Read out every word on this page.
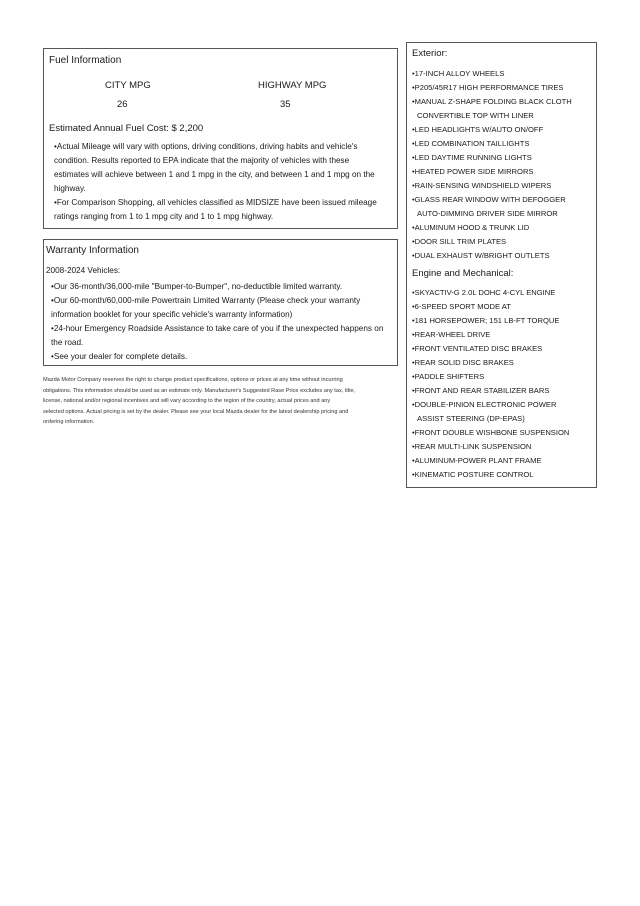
Fuel Information
CITY MPG	HIGHWAY MPG
26	35
Estimated Annual Fuel Cost: $ 2,200
•Actual Mileage will vary with options, driving conditions, driving habits and vehicle's
condition. Results reported to EPA indicate that the majority of vehicles with these
estimates will achieve between 1 and 1 mpg in the city, and between 1 and 1 mpg on the
highway.
•For Comparison Shopping, all vehicles classified as MIDSIZE have been issued mileage
ratings ranging from 1 to 1 mpg city and 1 to 1 mpg highway.
Warranty Information
2008-2024 Vehicles:
•Our 36-month/36,000-mile "Bumper-to-Bumper", no-deductible limited warranty.
•Our 60-month/60,000-mile Powertrain Limited Warranty (Please check your warranty
information booklet for your specific vehicle's warranty information)
•24-hour Emergency Roadside Assistance to take care of you if the unexpected happens on
the road.
•See your dealer for complete details.
Mazda Motor Company reserves the right to change product specifications, options or prices at any time without incurring
obligations. This information should be used as an estimate only. Manufacturer's Suggested Rase Price excludes any tax, title,
license, national and/or regional incentives and will vary according to the region of the country, actual prices and any
selected options. Actual pricing is set by the dealer. Please see your local Mazda dealer for the latest dealership pricing and
ordering information.
Exterior:
•17-INCH ALLOY WHEELS
•P205/45R17 HIGH PERFORMANCE TIRES
•MANUAL Z-SHAPE FOLDING BLACK CLOTH
CONVERTIBLE TOP WITH LINER
•LED HEADLIGHTS W/AUTO ON/OFF
•LED COMBINATION TAILLIGHTS
•LED DAYTIME RUNNING LIGHTS
•HEATED POWER SIDE MIRRORS
•RAIN-SENSING WINDSHIELD WIPERS
•GLASS REAR WINDOW WITH DEFOGGER
AUTO-DIMMING DRIVER SIDE MIRROR
•ALUMINUM HOOD & TRUNK LID
•DOOR SILL TRIM PLATES
•DUAL EXHAUST W/BRIGHT OUTLETS
Engine and Mechanical:
•SKYACTIV-G 2.0L DOHC 4-CYL ENGINE
•6-SPEED SPORT MODE AT
•181 HORSEPOWER; 151 LB-FT TORQUE
•REAR-WHEEL DRIVE
•FRONT VENTILATED DISC BRAKES
•REAR SOLID DISC BRAKES
•PADDLE SHIFTERS
•FRONT AND REAR STABILIZER BARS
•DOUBLE-PINION ELECTRONIC POWER
ASSIST STEERING (DP-EPAS)
•FRONT DOUBLE WISHBONE SUSPENSION
•REAR MULTI-LINK SUSPENSION
•ALUMINUM-POWER PLANT FRAME
•KINEMATIC POSTURE CONTROL
